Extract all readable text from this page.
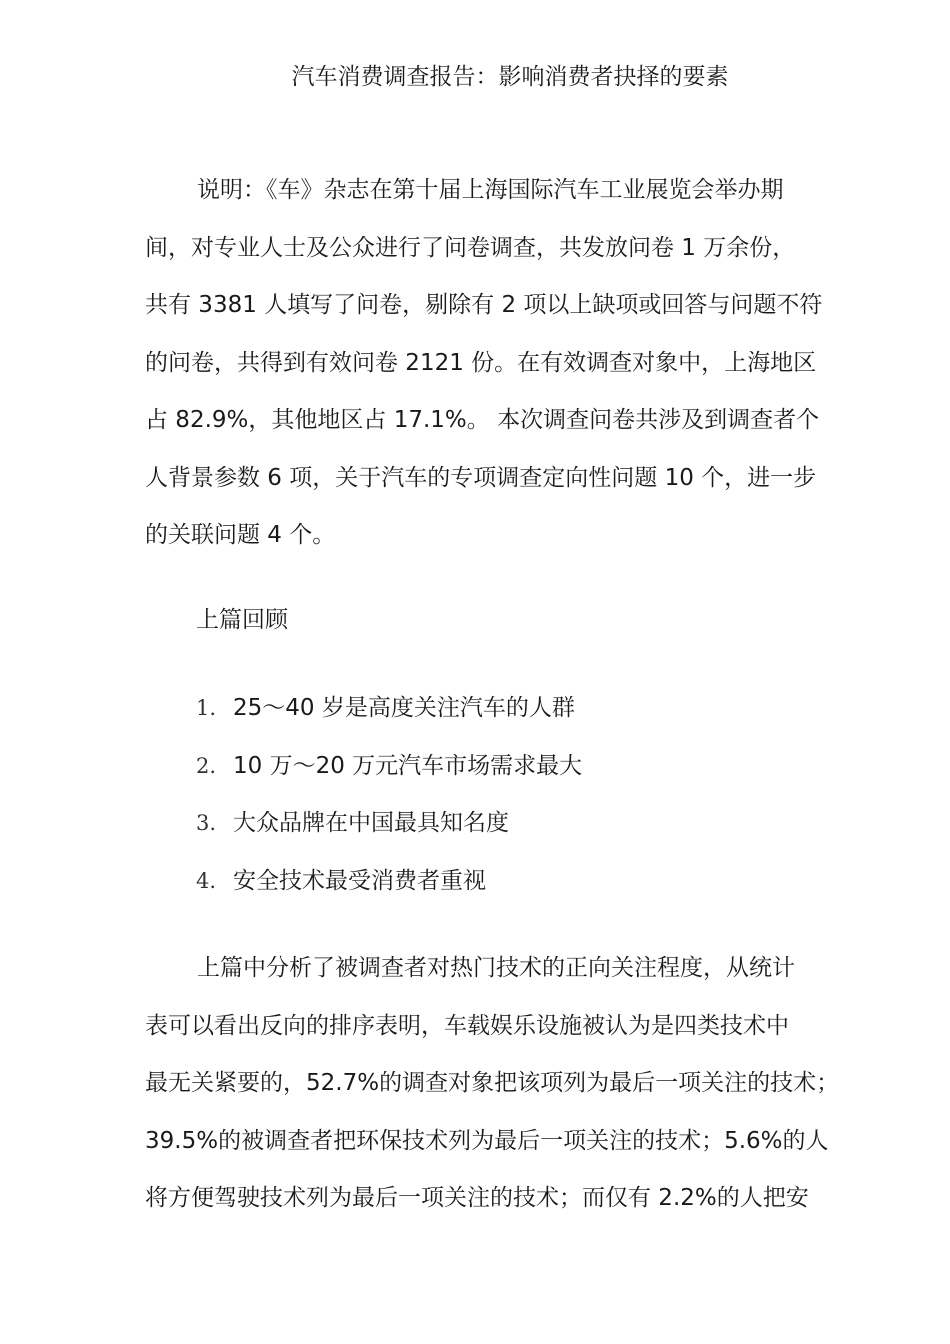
汽车消费调查报告：影响消费者抉择的要素

说明：《车》杂志在第十届上海国际汽车工业展览会举办期
间，对专业人士及公众进行了问卷调查，共发放问卷 1 万余份，
共有 3381 人填写了问卷，剔除有 2 项以上缺项或回答与问题不符
的问卷，共得到有效问卷 2121 份。在有效调查对象中，上海地区
占 82.9%，其他地区占 17.1%。 本次调查问卷共涉及到调查者个
人背景参数 6 项，关于汽车的专项调查定向性问题 10 个，进一步
的关联问题 4 个。

上篇回顾
1. 25～40 岁是高度关注汽车的人群
2. 10 万～20 万元汽车市场需求最大
3. 大众品牌在中国最具知名度
4. 安全技术最受消费者重视

上篇中分析了被调查者对热门技术的正向关注程度，从统计
表可以看出反向的排序表明，车载娱乐设施被认为是四类技术中
最无关紧要的，52.7%的调查对象把该项列为最后一项关注的技术；
39.5%的被调查者把环保技术列为最后一项关注的技术；5.6%的人
将方便驾驶技术列为最后一项关注的技术；而仅有 2.2%的人把安
